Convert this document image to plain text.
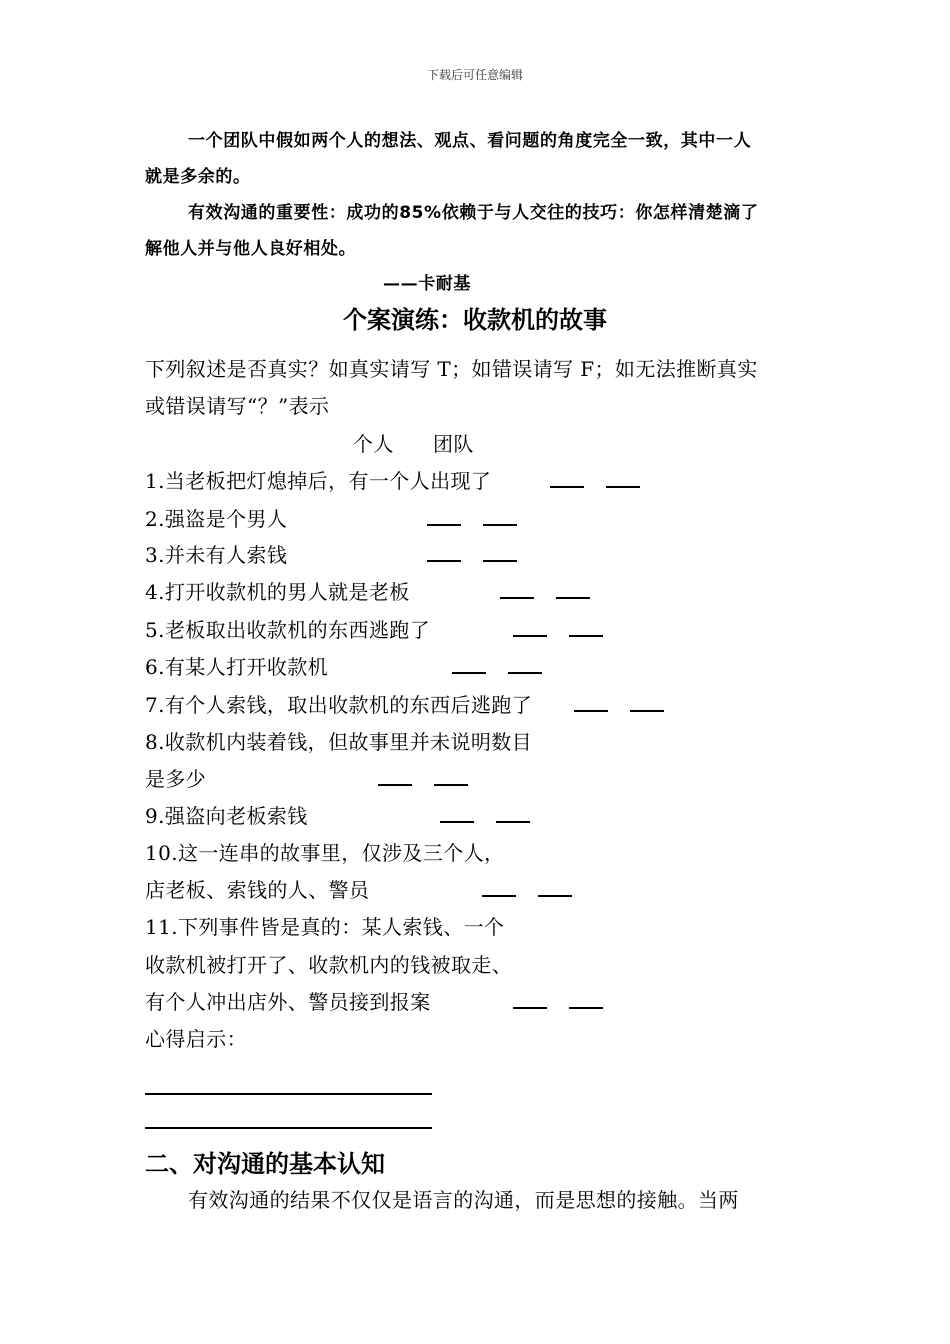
下载后可任意编辑
一个团队中假如两个人的想法、观点、看问题的角度完全一致，其中一人
就是多余的。
有效沟通的重要性：成功的85%依赖于与人交往的技巧：你怎样清楚滴了
解他人并与他人良好相处。
——卡耐基
个案演练：收款机的故事
下列叙述是否真实？如真实请写 T；如错误请写 F；如无法推断真实
或错误请写“？”表示
个人 团队
1.当老板把灯熄掉后，有一个人出现了
2.强盗是个男人
3.并未有人索钱
4.打开收款机的男人就是老板
5.老板取出收款机的东西逃跑了
6.有某人打开收款机
7.有个人索钱，取出收款机的东西后逃跑了
8.收款机内装着钱，但故事里并未说明数目
是多少
9.强盗向老板索钱
10.这一连串的故事里，仅涉及三个人，
店老板、索钱的人、警员
11.下列事件皆是真的：某人索钱、一个
收款机被打开了、收款机内的钱被取走、
有个人冲出店外、警员接到报案
心得启示：
二、对沟通的基本认知
有效沟通的结果不仅仅是语言的沟通，而是思想的接触。当两
